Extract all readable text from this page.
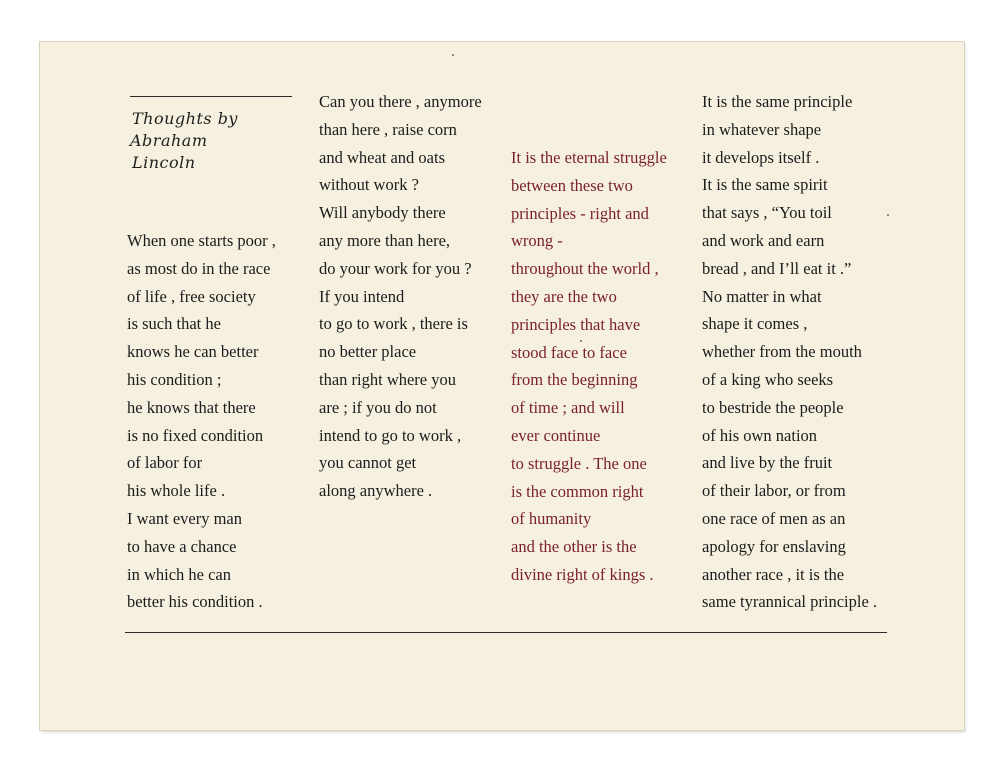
Thoughts by
Abraham
Lincoln
When one starts poor ,
as most do in the race
of life , free society
is such that he
knows he can better
his condition ;
he knows that there
is no fixed condition
of labor for
his whole life .
I want every man
to have a chance
in which he can
better his condition .
Can you there , anymore
than here , raise corn
and wheat and oats
without work ?
Will anybody there
any more than here,
do your work for you ?
If you intend
to go to work , there is
no better place
than right where you
are ; if you do not
intend to go to work ,
you cannot get
along anywhere .
It is the eternal struggle
between these two
principles - right and
wrong -
throughout the world ,
they are the two
principles that have
stood face to face
from the beginning
of time ; and will
ever continue
to struggle . The one
is the common right
of humanity
and the other is the
divine right of kings .
It is the same principle
in whatever shape
it develops itself .
It is the same spirit
that says , “You toil
and work and earn
bread , and I’ll eat it .”
No matter in what
shape it comes ,
whether from the mouth
of a king who seeks
to bestride the people
of his own nation
and live by the fruit
of their labor, or from
one race of men as an
apology for enslaving
another race , it is the
same tyrannical principle .
